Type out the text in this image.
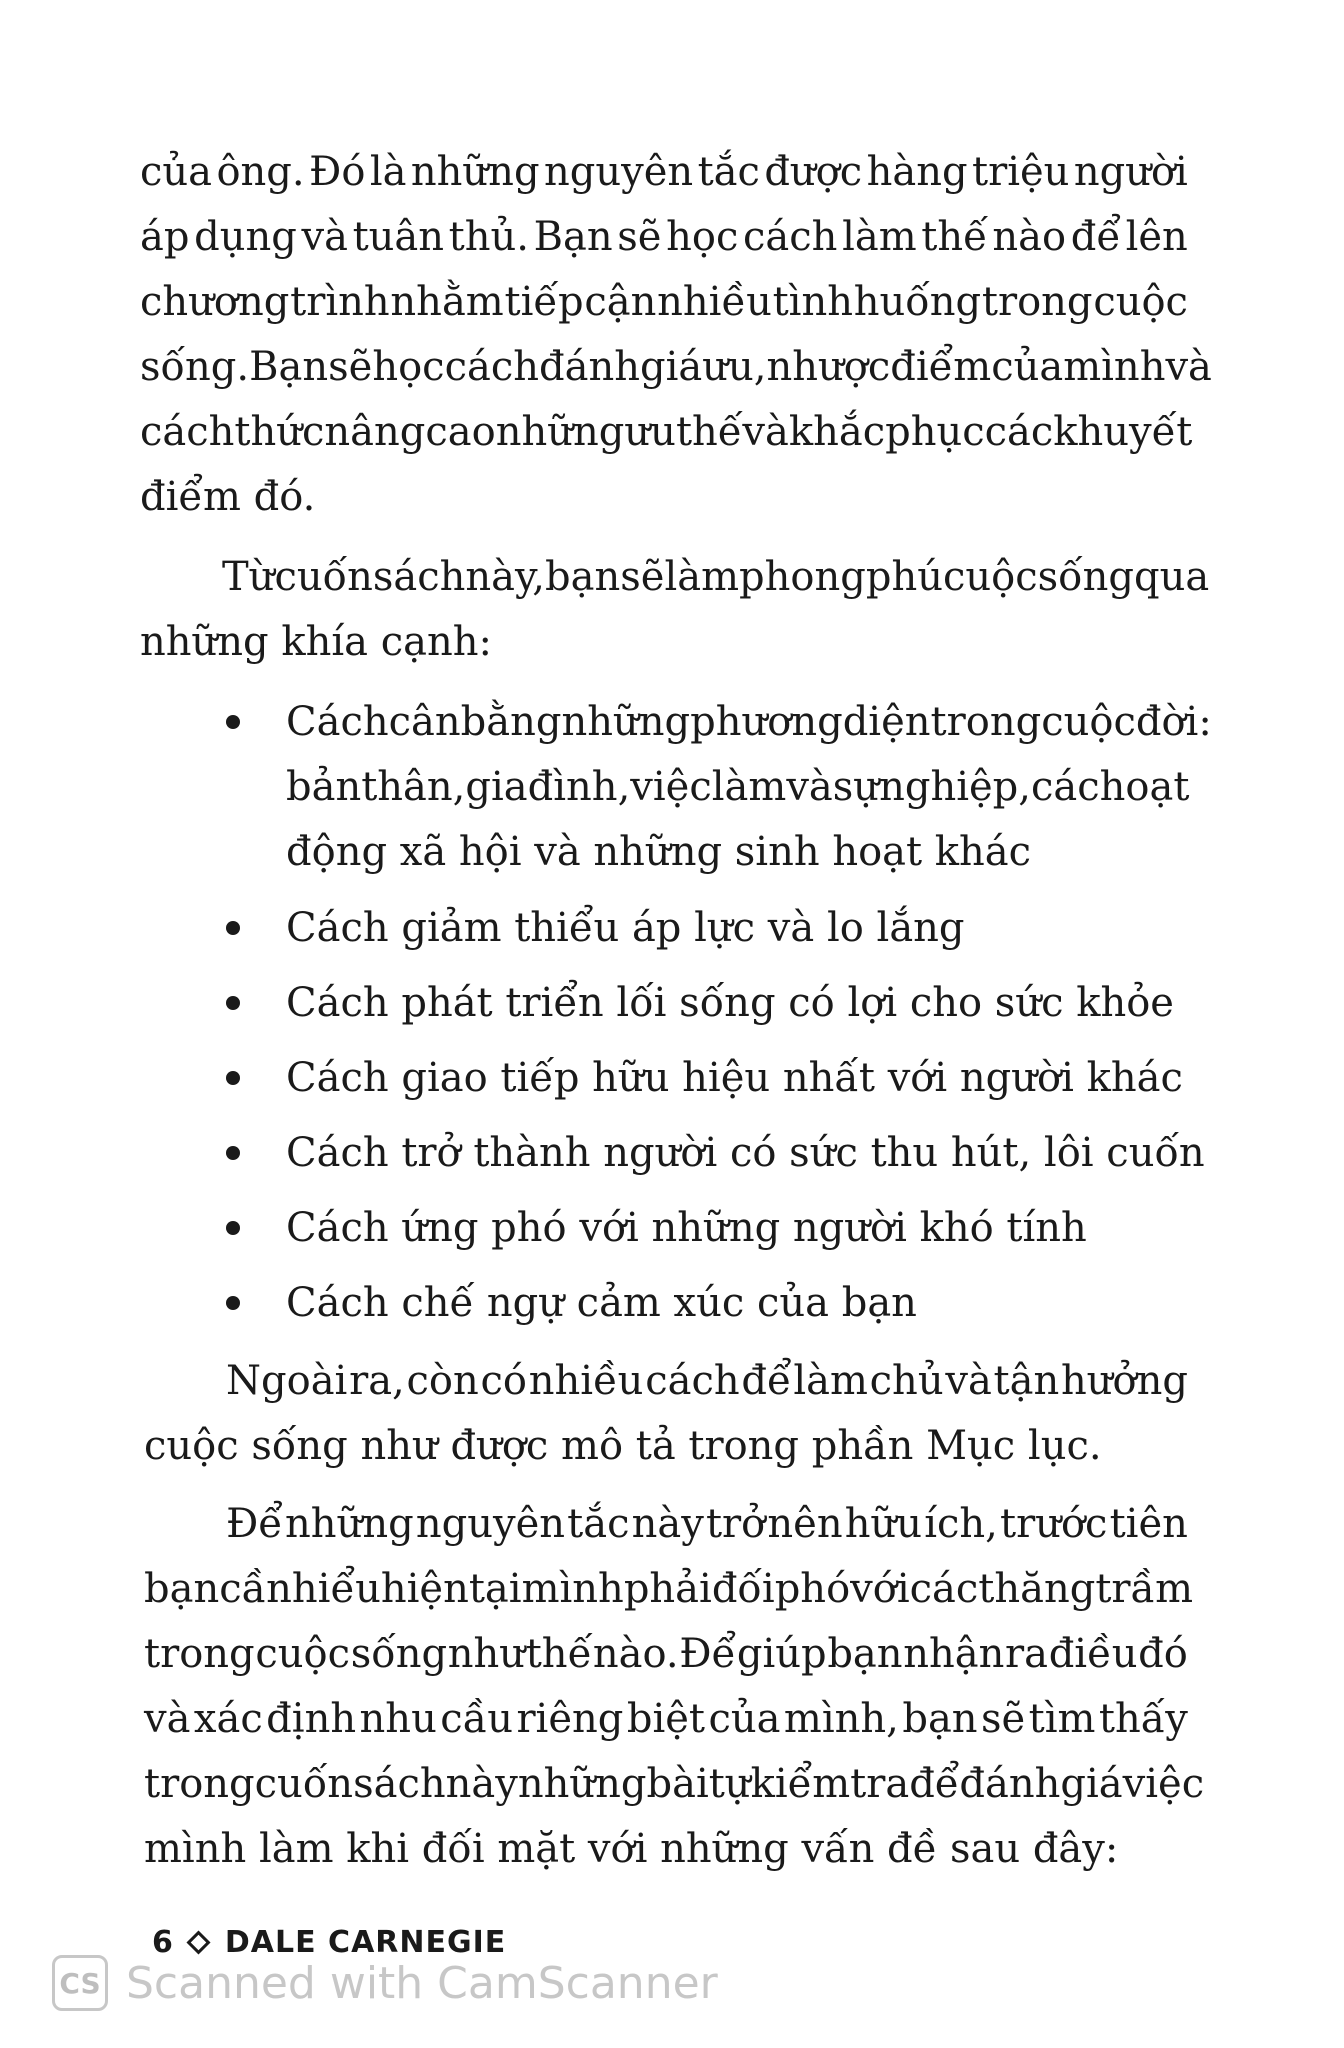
của ông. Đó là những nguyên tắc được hàng triệu người
áp dụng và tuân thủ. Bạn sẽ học cách làm thế nào để lên
chương trình nhằm tiếp cận nhiều tình huống trong cuộc
sống. Bạn sẽ học cách đánh giá ưu, nhược điểm của mình và
cách thức nâng cao những ưu thế và khắc phục các khuyết
điểm đó.
Từ cuốn sách này, bạn sẽ làm phong phú cuộc sống qua
những khía cạnh:
Cách cân bằng những phương diện trong cuộc đời:
bản thân, gia đình, việc làm và sự nghiệp, các hoạt
động xã hội và những sinh hoạt khác
Cách giảm thiểu áp lực và lo lắng
Cách phát triển lối sống có lợi cho sức khỏe
Cách giao tiếp hữu hiệu nhất với người khác
Cách trở thành người có sức thu hút, lôi cuốn
Cách ứng phó với những người khó tính
Cách chế ngự cảm xúc của bạn
Ngoài ra, còn có nhiều cách để làm chủ và tận hưởng
cuộc sống như được mô tả trong phần Mục lục.
Để những nguyên tắc này trở nên hữu ích, trước tiên
bạn cần hiểu hiện tại mình phải đối phó với các thăng trầm
trong cuộc sống như thế nào. Để giúp bạn nhận ra điều đó
và xác định nhu cầu riêng biệt của mình, bạn sẽ tìm thấy
trong cuốn sách này những bài tự kiểm tra để đánh giá việc
mình làm khi đối mặt với những vấn đề sau đây:
6 DALE CARNEGIE
CS Scanned with CamScanner
